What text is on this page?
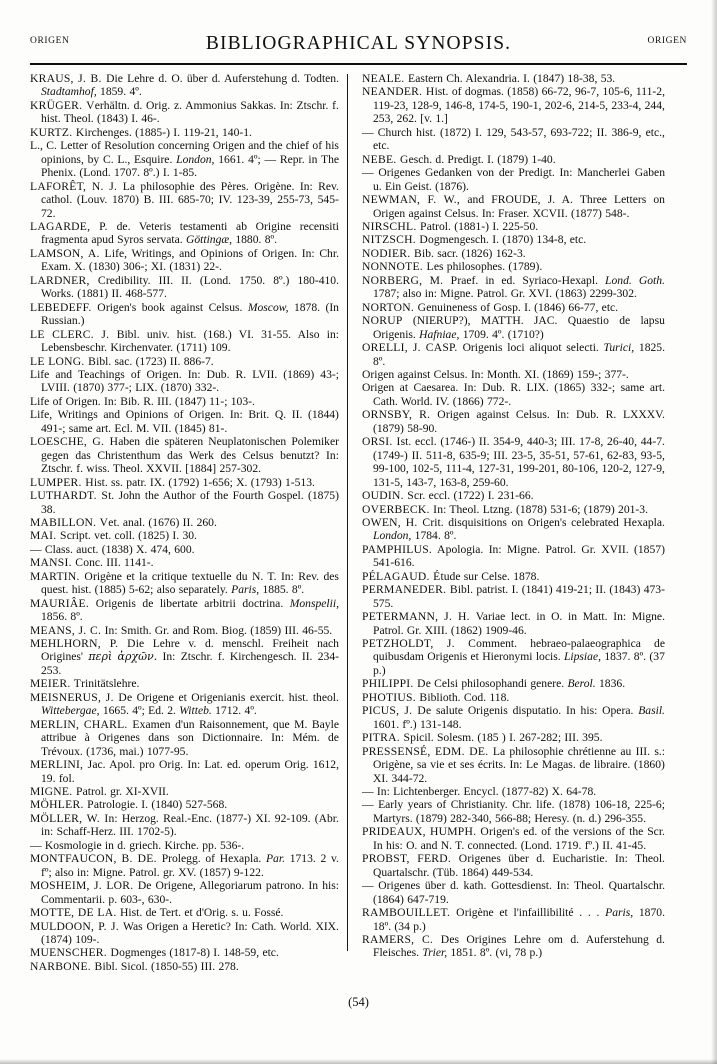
ORIGEN	BIBLIOGRAPHICAL SYNOPSIS.	ORIGEN

KRAUS, J. B. Die Lehre d. O. über d. Auferstehung d. Todten. Stadtamhof, 1859. 4º.

KRÜGER. Verhältn. d. Orig. z. Ammonius Sakkas. In: Ztschr. f. hist. Theol. (1843) I. 46-.

KURTZ. Kirchenges. (1885-) I. 119-21, 140-1.

L., C. Letter of Resolution concerning Origen and the chief of his opinions, by C. L., Esquire. London, 1661. 4º; — Repr. in The Phenix. (Lond. 1707. 8º.) I. 1-85.

LAFORÊT, N. J. La philosophie des Pères. Origène. In: Rev. cathol. (Louv. 1870) B. III. 685-70; IV. 123-39, 255-73, 545-72.

LAGARDE, P. de. Veteris testamenti ab Origine recensiti fragmenta apud Syros servata. Göttingæ, 1880. 8º.

LAMSON, A. Life, Writings, and Opinions of Origen. In: Chr. Exam. X. (1830) 306-; XI. (1831) 22-.

LARDNER, Credibility. III. II. (Lond. 1750. 8º.) 180-410. Works. (1881) II. 468-577.

LEBEDEFF. Origen's book against Celsus. Moscow, 1878. (In Russian.)

LE CLERC. J. Bibl. univ. hist. (168.) VI. 31-55. Also in: Lebensbeschr. Kirchenvater. (1711) 109.

LE LONG. Bibl. sac. (1723) II. 886-7.

Life and Teachings of Origen. In: Dub. R. LVII. (1869) 43-; LVIII. (1870) 377-; LIX. (1870) 332-.

Life of Origen. In: Bib. R. III. (1847) 11-; 103-.

Life, Writings and Opinions of Origen. In: Brit. Q. II. (1844) 491-; same art. Ecl. M. VII. (1845) 81-.

LOESCHE, G. Haben die späteren Neuplatonischen Polemiker gegen das Christenthum das Werk des Celsus benutzt? In: Ztschr. f. wiss. Theol. XXVII. [1884] 257-302.

LUMPER. Hist. ss. patr. IX. (1792) 1-656; X. (1793) 1-513.

LUTHARDT. St. John the Author of the Fourth Gospel. (1875) 38.

MABILLON. Vet. anal. (1676) II. 260.

MAI. Script. vet. coll. (1825) I. 30.

— Class. auct. (1838) X. 474, 600.

MANSI. Conc. III. 1141-.

MARTIN. Origène et la critique textuelle du N. T. In: Rev. des quest. hist. (1885) 5-62; also separately. Paris, 1885. 8º.

MAURIÂE. Origenis de libertate arbitrii doctrina. Monspelii, 1856. 8º.

MEANS, J. C. In: Smith. Gr. and Rom. Biog. (1859) III. 46-55.

MEHLHORN, P. Die Lehre v. d. menschl. Freiheit nach Origines' περὶ ἀρχῶν. In: Ztschr. f. Kirchengesch. II. 234-253.

MEIER. Trinitätslehre.

MEISNERUS, J. De Origene et Origenianis exercit. hist. theol. Wittebergae, 1665. 4º; Ed. 2. Witteb. 1712. 4º.

MERLIN, CHARL. Examen d'un Raisonnement, que M. Bayle attribue à Origenes dans son Dictionnaire. In: Mém. de Trévoux. (1736, mai.) 1077-95.

MERLINI, Jac. Apol. pro Orig. In: Lat. ed. operum Orig. 1612, 19. fol.

MIGNE. Patrol. gr. XI-XVII.

MÖHLER. Patrologie. I. (1840) 527-568.

MÖLLER, W. In: Herzog. Real.-Enc. (1877-) XI. 92-109. (Abr. in: Schaff-Herz. III. 1702-5).

— Kosmologie in d. griech. Kirche. pp. 536-.

MONTFAUCON, B. DE. Prolegg. of Hexapla. Par. 1713. 2 v. fº; also in: Migne. Patrol. gr. XV. (1857) 9-122.

MOSHEIM, J. LOR. De Origene, Allegoriarum patrono. In his: Commentarii. p. 603-, 630-.

MOTTE, DE LA. Hist. de Tert. et d'Orig. s. u. Fossé.

MULDOON, P. J. Was Origen a Heretic? In: Cath. World. XIX. (1874) 109-.

MUENSCHER. Dogmenges (1817-8) I. 148-59, etc.

NARBONE. Bibl. Sicol. (1850-55) III. 278.

NEALE. Eastern Ch. Alexandria. I. (1847) 18-38, 53.

NEANDER. Hist. of dogmas. (1858) 66-72, 96-7, 105-6, 111-2, 119-23, 128-9, 146-8, 174-5, 190-1, 202-6, 214-5, 233-4, 244, 253, 262. [v. 1.]

— Church hist. (1872) I. 129, 543-57, 693-722; II. 386-9, etc., etc.

NEBE. Gesch. d. Predigt. I. (1879) 1-40.

— Origenes Gedanken von der Predigt. In: Mancherlei Gaben u. Ein Geist. (1876).

NEWMAN, F. W., and FROUDE, J. A. Three Letters on Origen against Celsus. In: Fraser. XCVII. (1877) 548-.

NIRSCHL. Patrol. (1881-) I. 225-50.

NITZSCH. Dogmengesch. I. (1870) 134-8, etc.

NODIER. Bib. sacr. (1826) 162-3.

NONNOTE. Les philosophes. (1789).

NORBERG, M. Praef. in ed. Syriaco-Hexapl. Lond. Goth. 1787; also in: Migne. Patrol. Gr. XVI. (1863) 2299-302.

NORTON. Genuineness of Gosp. I. (1846) 66-77, etc.

NORUP (NIERUP?), MATTH. JAC. Quaestio de lapsu Origenis. Hafniae, 1709. 4º. (1710?)

ORELLI, J. CASP. Origenis loci aliquot selecti. Turici, 1825. 8º.

Origen against Celsus. In: Month. XI. (1869) 159-; 377-.

Origen at Caesarea. In: Dub. R. LIX. (1865) 332-; same art. Cath. World. IV. (1866) 772-.

ORNSBY, R. Origen against Celsus. In: Dub. R. LXXXV. (1879) 58-90.

ORSI. Ist. eccl. (1746-) II. 354-9, 440-3; III. 17-8, 26-40, 44-7. (1749-) II. 511-8, 635-9; III. 23-5, 35-51, 57-61, 62-83, 93-5, 99-100, 102-5, 111-4, 127-31, 199-201, 80-106, 120-2, 127-9, 131-5, 143-7, 163-8, 259-60.

OUDIN. Scr. eccl. (1722) I. 231-66.

OVERBECK. In: Theol. Ltzng. (1878) 531-6; (1879) 201-3.

OWEN, H. Crit. disquisitions on Origen's celebrated Hexapla. London, 1784. 8º.

PAMPHILUS. Apologia. In: Migne. Patrol. Gr. XVII. (1857) 541-616.

PÉLAGAUD. Étude sur Celse. 1878.

PERMANEDER. Bibl. patrist. I. (1841) 419-21; II. (1843) 473-575.

PETERMANN, J. H. Variae lect. in O. in Matt. In: Migne. Patrol. Gr. XIII. (1862) 1909-46.

PETZHOLDT, J. Comment. hebraeo-palaeographica de quibusdam Origenis et Hieronymi locis. Lipsiae, 1837. 8º. (37 p.)

PHILIPPI. De Celsi philosophandi genere. Berol. 1836.

PHOTIUS. Biblioth. Cod. 118.

PICUS, J. De salute Origenis disputatio. In his: Opera. Basil. 1601. fº.) 131-148.

PITRA. Spicil. Solesm. (185 ) I. 267-282; III. 395.

PRESSENSÉ, EDM. DE. La philosophie chrétienne au III. s.: Origène, sa vie et ses écrits. In: Le Magas. de libraire. (1860) XI. 344-72.

— In: Lichtenberger. Encycl. (1877-82) X. 64-78.

— Early years of Christianity. Chr. life. (1878) 106-18, 225-6; Martyrs. (1879) 282-340, 566-88; Heresy. (n. d.) 296-355.

PRIDEAUX, HUMPH. Origen's ed. of the versions of the Scr. In his: O. and N. T. connected. (Lond. 1719. fº.) II. 41-45.

PROBST, FERD. Origenes über d. Eucharistie. In: Theol. Quartalschr. (Tüb. 1864) 449-534.

— Origenes über d. kath. Gottesdienst. In: Theol. Quartalschr. (1864) 647-719.

RAMBOUILLET. Origène et l'infaillibilité . . . Paris, 1870. 18º. (34 p.)

RAMERS, C. Des Origines Lehre om d. Auferstehung d. Fleisches. Trier, 1851. 8º. (vi, 78 p.)

(54)
